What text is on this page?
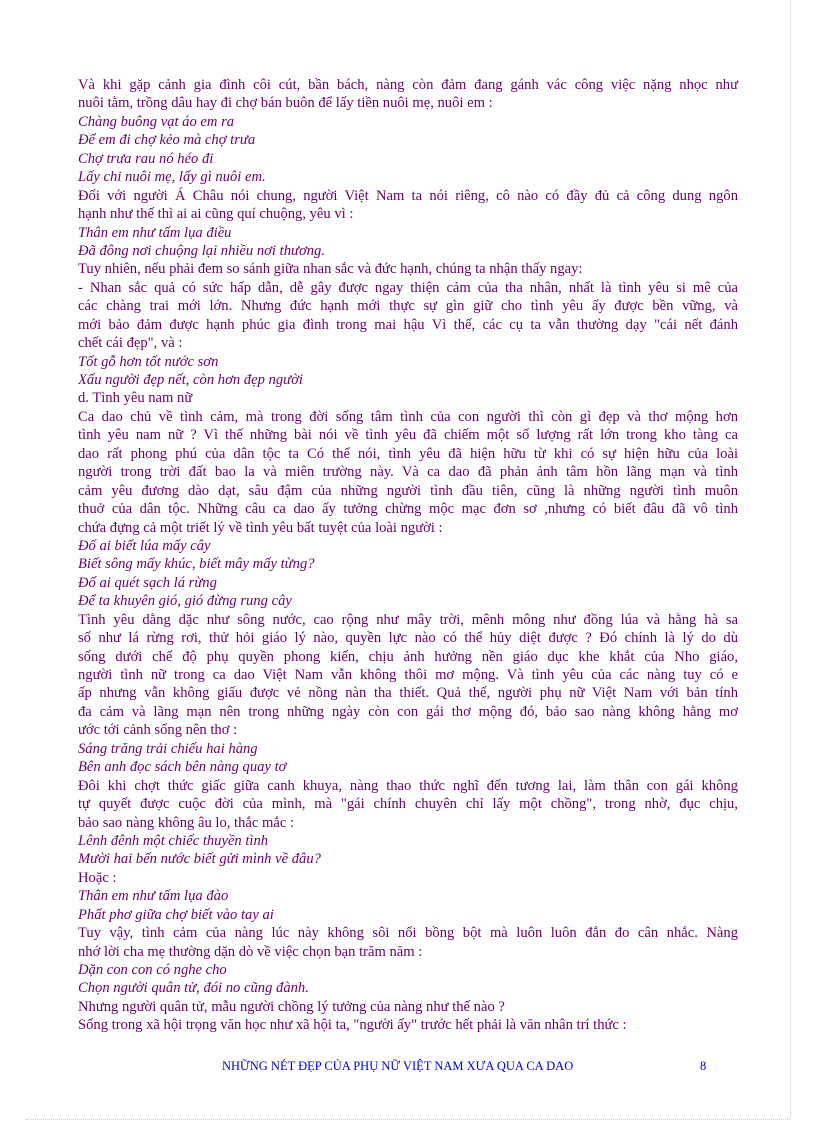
Và khi gặp cảnh gia đình côi cút, bần bách, nàng còn đảm đang gánh vác công việc nặng nhọc như
nuôi tằm, trồng dâu hay đi chợ bán buôn để lấy tiền nuôi mẹ, nuôi em :
Chàng buông vạt áo em ra
Để em đi chợ kẻo mà chợ trưa
Chợ trưa rau nó héo đi
Lấy chi nuôi mẹ, lấy gì nuôi em.
Đối với người Á Châu nói chung, người Việt Nam ta nói riêng, cô nào có đầy đủ cả công dung ngôn
hạnh như thế thì ai ai cũng quí chuộng, yêu vì :
Thân em như tấm lụa điều
Đã đông nơi chuộng lại nhiều nơi thương.
Tuy nhiên, nếu phải đem so sánh giữa nhan sắc và đức hạnh, chúng ta nhận thấy ngay:
- Nhan sắc quả có sức hấp dẫn, dễ gây được ngay thiện cảm của tha nhân, nhất là tình yêu si mê của
các chàng trai mới lớn. Nhưng đức hạnh mới thực sự gìn giữ cho tình yêu ấy được bền vững, và
mới bảo đảm được hạnh phúc gia đình trong mai hậu Vì thế, các cụ ta vẫn thường dạy "cái nết đánh
chết cái đẹp", và :
Tốt gỗ hơn tốt nước sơn
Xấu người đẹp nết, còn hơn đẹp người
d. Tình yêu nam nữ
Ca dao chủ về tình cảm, mà trong đời sống tâm tình của con người thì còn gì đẹp và thơ mộng hơn
tình yêu nam nữ ? Vì thế những bài nói về tình yêu đã chiếm một số lượng rất lớn trong kho tàng ca
dao rất phong phú của dân tộc ta Có thể nói, tình yêu đã hiện hữu từ khi có sự hiện hữu của loài
người trong trời đất bao la và miên trường này. Và ca dao đã phản ảnh tâm hồn lãng mạn và tình
cảm yêu đương dào dạt, sâu đậm của những người tình đầu tiên, cũng là những người tình muôn
thuở của dân tộc. Những câu ca dao ấy tưởng chừng mộc mạc đơn sơ ,nhưng có biết đâu đã vô tình
chứa đựng cả một triết lý về tình yêu bất tuyệt của loài người :
Đố ai biết lúa mấy cây
Biết sông mấy khúc, biết mây mấy từng?
Đố ai quét sạch lá rừng
Để ta khuyên gió, gió đừng rung cây
Tình yêu dằng dặc như sông nước, cao rộng như mây trời, mênh mông như đồng lúa và hằng hà sa
số như lá rừng rơi, thử hỏi giáo lý nào, quyền lực nào có thể hủy diệt được ? Đó chính là lý do dù
sống dưới chế độ phụ quyền phong kiến, chịu ảnh hưởng nền giáo dục khe khắt của Nho giáo,
người tình nữ trong ca dao Việt Nam vẫn không thôi mơ mộng. Và tình yêu của các nàng tuy có e
ấp nhưng vẫn không giấu được vẻ nồng nàn tha thiết. Quả thế, người phụ nữ Việt Nam với bản tính
đa cảm và lãng mạn nên trong những ngày còn con gái thơ mộng đó, bảo sao nàng không hằng mơ
ước tới cảnh sống nên thơ :
Sáng trăng trải chiếu hai hàng
Bên anh đọc sách bên nàng quay tơ
Đôi khi chợt thức giấc giữa canh khuya, nàng thao thức nghĩ đến tương lai, làm thân con gái không
tự quyết được cuộc đời của mình, mà "gái chính chuyên chỉ lấy một chồng", trong nhờ, đục chịu,
bảo sao nàng không âu lo, thắc mắc :
Lênh đênh một chiếc thuyền tình
Mười hai bến nước biết gửi mình về đâu?
Hoặc :
Thân em như tấm lụa đào
Phất phơ giữa chợ biết vào tay ai
Tuy vậy, tình cảm của nàng lúc này không sôi nổi bồng bột mà luôn luôn đắn đo cân nhắc. Nàng
nhớ lời cha mẹ thường dặn dò về việc chọn bạn trăm năm :
Dặn con con có nghe cho
Chọn người quân tử, đói no cũng đành.
Nhưng người quân tử, mẫu người chồng lý tưởng của nàng như thế nào ?
Sống trong xã hội trọng văn học như xã hội ta, "người ấy" trước hết phải là văn nhân trí thức :
NHỮNG NÉT ĐẸP CỦA PHỤ NỮ VIỆT NAM XƯA QUA CA DAO	8
